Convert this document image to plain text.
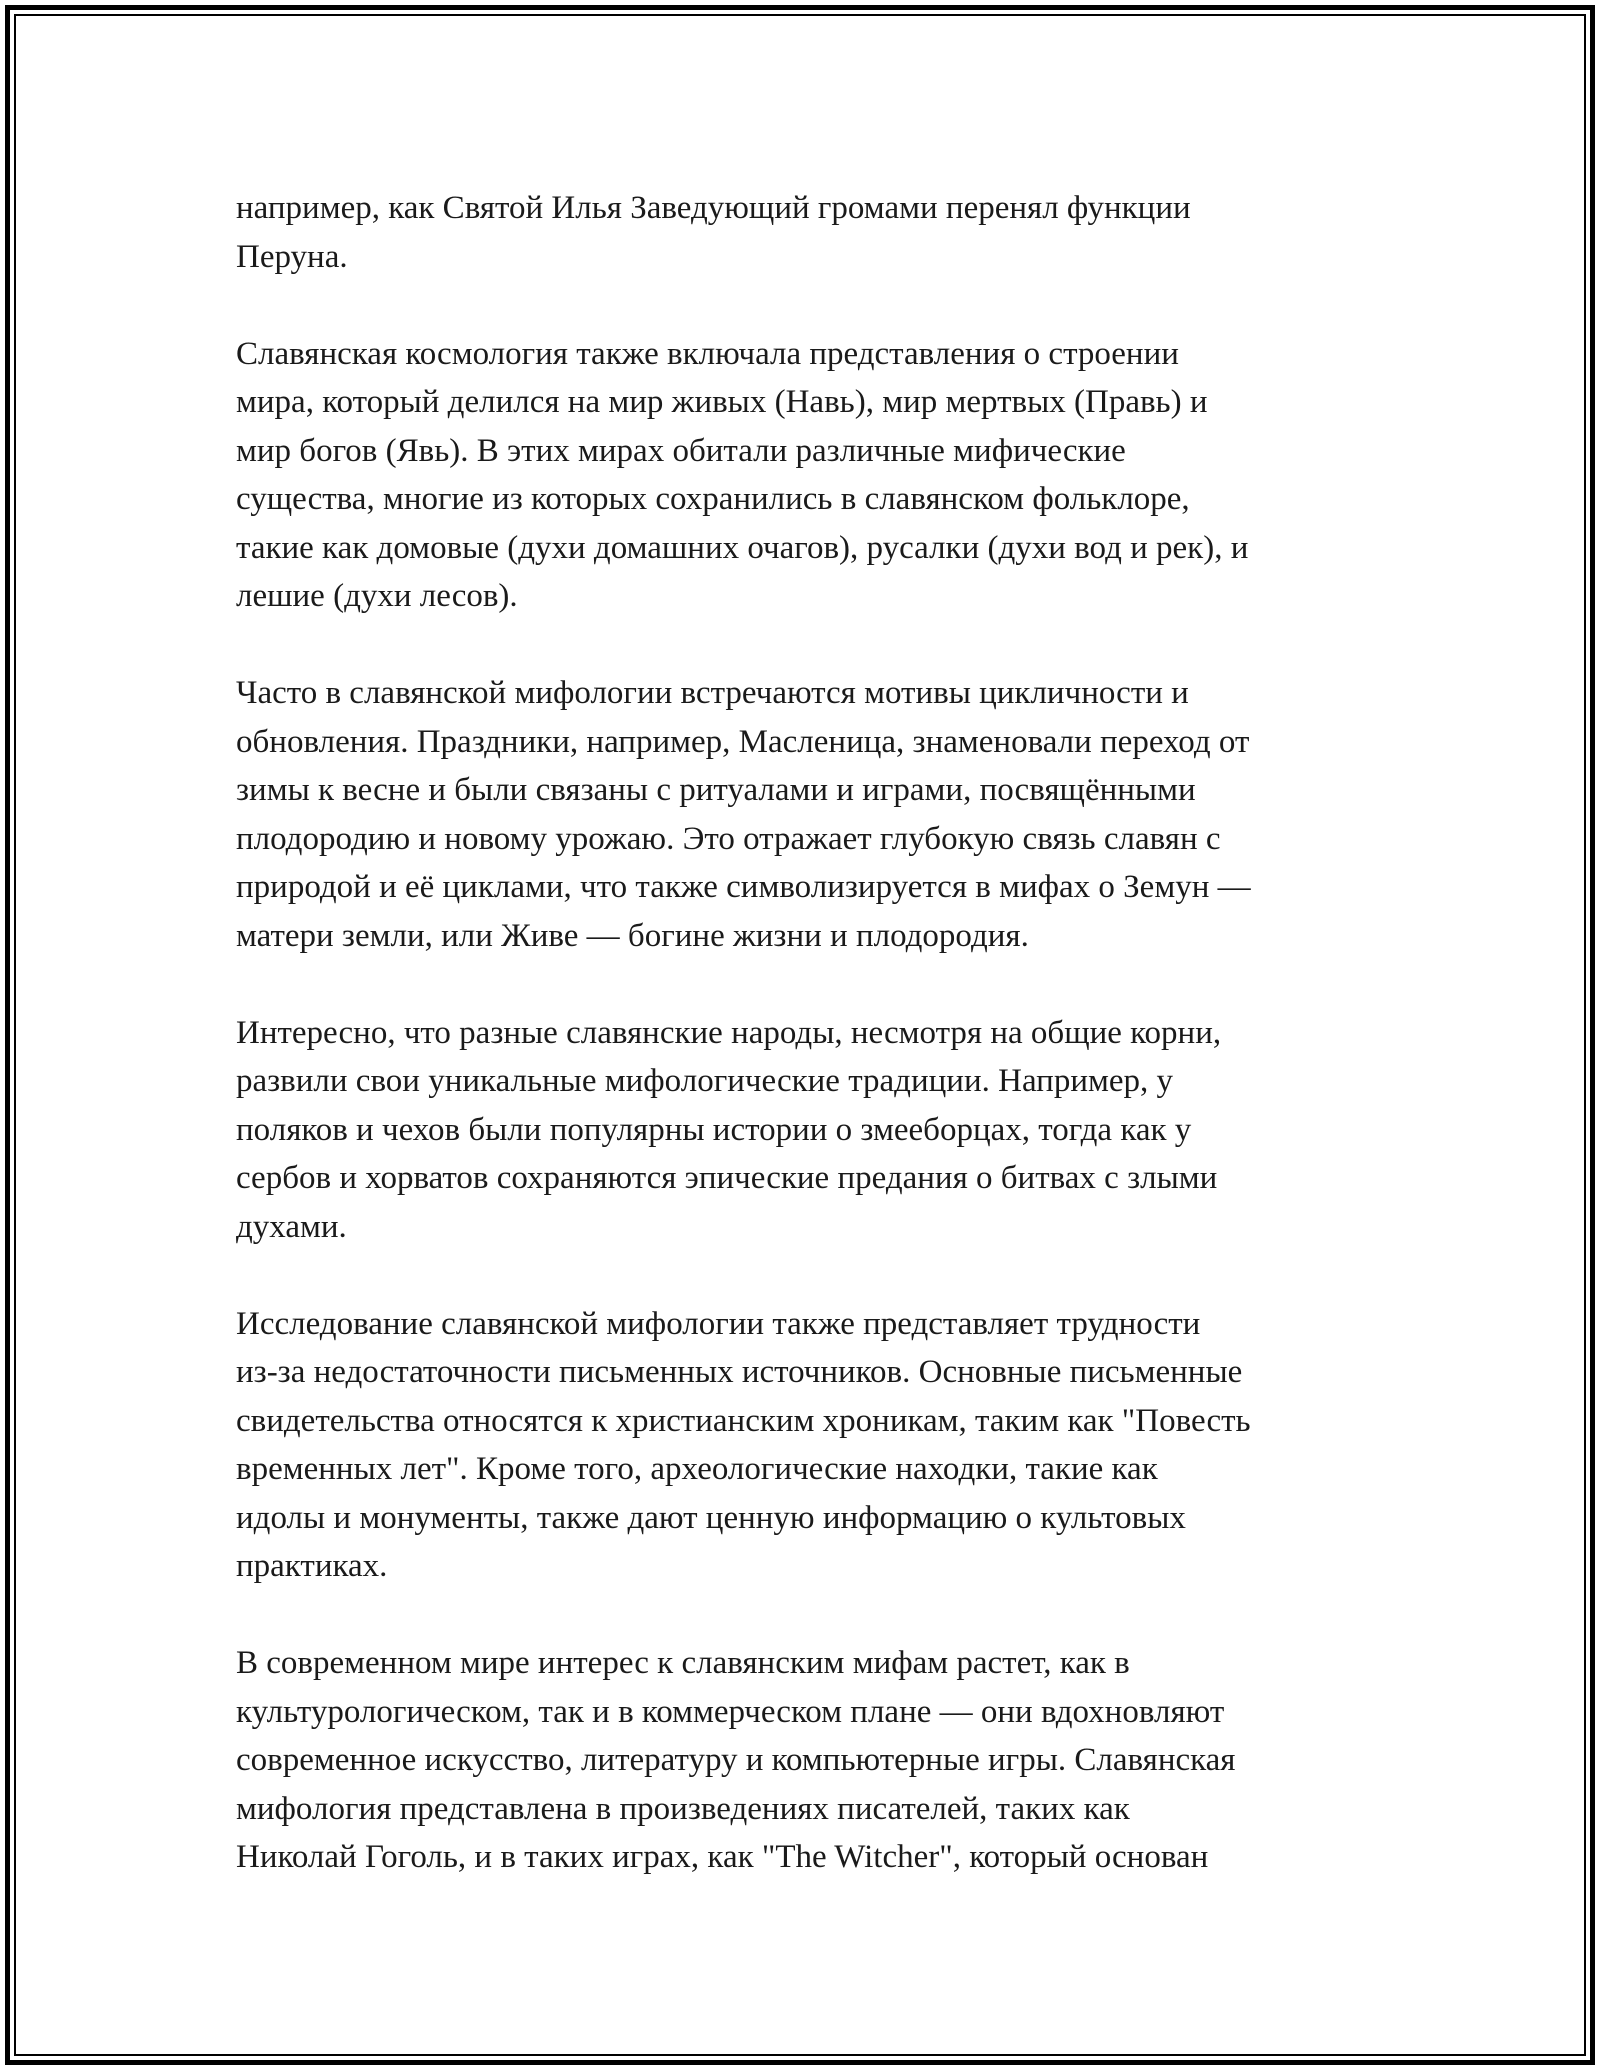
например, как Святой Илья Заведующий громами перенял функции
Перуна.

Славянская космология также включала представления о строении
мира, который делился на мир живых (Навь), мир мертвых (Правь) и
мир богов (Явь). В этих мирах обитали различные мифические
существа, многие из которых сохранились в славянском фольклоре,
такие как домовые (духи домашних очагов), русалки (духи вод и рек), и
лешие (духи лесов).

Часто в славянской мифологии встречаются мотивы цикличности и
обновления. Праздники, например, Масленица, знаменовали переход от
зимы к весне и были связаны с ритуалами и играми, посвящёнными
плодородию и новому урожаю. Это отражает глубокую связь славян с
природой и её циклами, что также символизируется в мифах о Земун —
матери земли, или Живе — богине жизни и плодородия.

Интересно, что разные славянские народы, несмотря на общие корни,
развили свои уникальные мифологические традиции. Например, у
поляков и чехов были популярны истории о змееборцах, тогда как у
сербов и хорватов сохраняются эпические предания о битвах с злыми
духами.

Исследование славянской мифологии также представляет трудности
из-за недостаточности письменных источников. Основные письменные
свидетельства относятся к христианским хроникам, таким как "Повесть
временных лет". Кроме того, археологические находки, такие как
идолы и монументы, также дают ценную информацию о культовых
практиках.

В современном мире интерес к славянским мифам растет, как в
культурологическом, так и в коммерческом плане — они вдохновляют
современное искусство, литературу и компьютерные игры. Славянская
мифология представлена в произведениях писателей, таких как
Николай Гоголь, и в таких играх, как "The Witcher", который основан
